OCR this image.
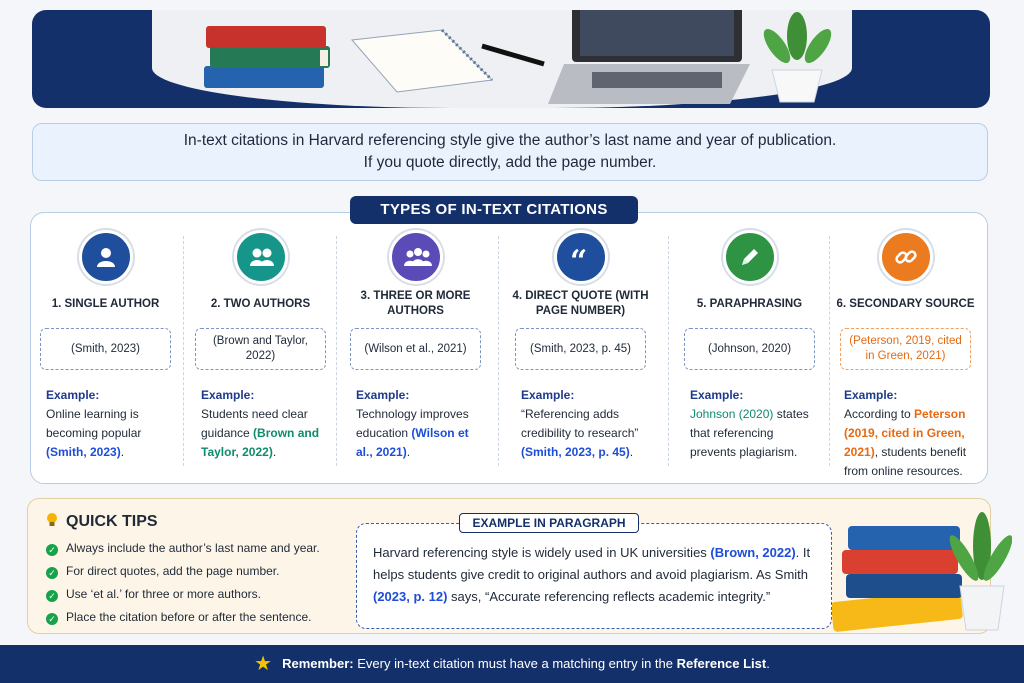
In-text citations in Harvard referencing style give the author’s last name and year of publication.
If you quote directly, add the page number.
TYPES OF IN-TEXT CITATIONS
1. SINGLE AUTHOR
(Smith, 2023)
Example:
Online learning is becoming popular (Smith, 2023).
2. TWO AUTHORS
(Brown and Taylor, 2022)
Example:
Students need clear guidance (Brown and Taylor, 2022).
3. THREE OR MORE AUTHORS
(Wilson et al., 2021)
Example:
Technology improves education (Wilson et al., 2021).
“
4. DIRECT QUOTE (WITH PAGE NUMBER)
(Smith, 2023, p. 45)
Example:
“Referencing adds credibility to research” (Smith, 2023, p. 45).
5. PARAPHRASING
(Johnson, 2020)
Example:
Johnson (2020) states that referencing prevents plagiarism.
6. SECONDARY SOURCE
(Peterson, 2019, cited in Green, 2021)
Example:
According to Peterson (2019, cited in Green, 2021), students benefit from online resources.
QUICK TIPS
✓ Always include the author’s last name and year.
✓ For direct quotes, add the page number.
✓ Use ‘et al.’ for three or more authors.
✓ Place the citation before or after the sentence.
Harvard referencing style is widely used in UK universities (Brown, 2022). It helps students give credit to original authors and avoid plagiarism. As Smith (2023, p. 12) says, “Accurate referencing reflects academic integrity.”
EXAMPLE IN PARAGRAPH
★ Remember: Every in-text citation must have a matching entry in the Reference List.
